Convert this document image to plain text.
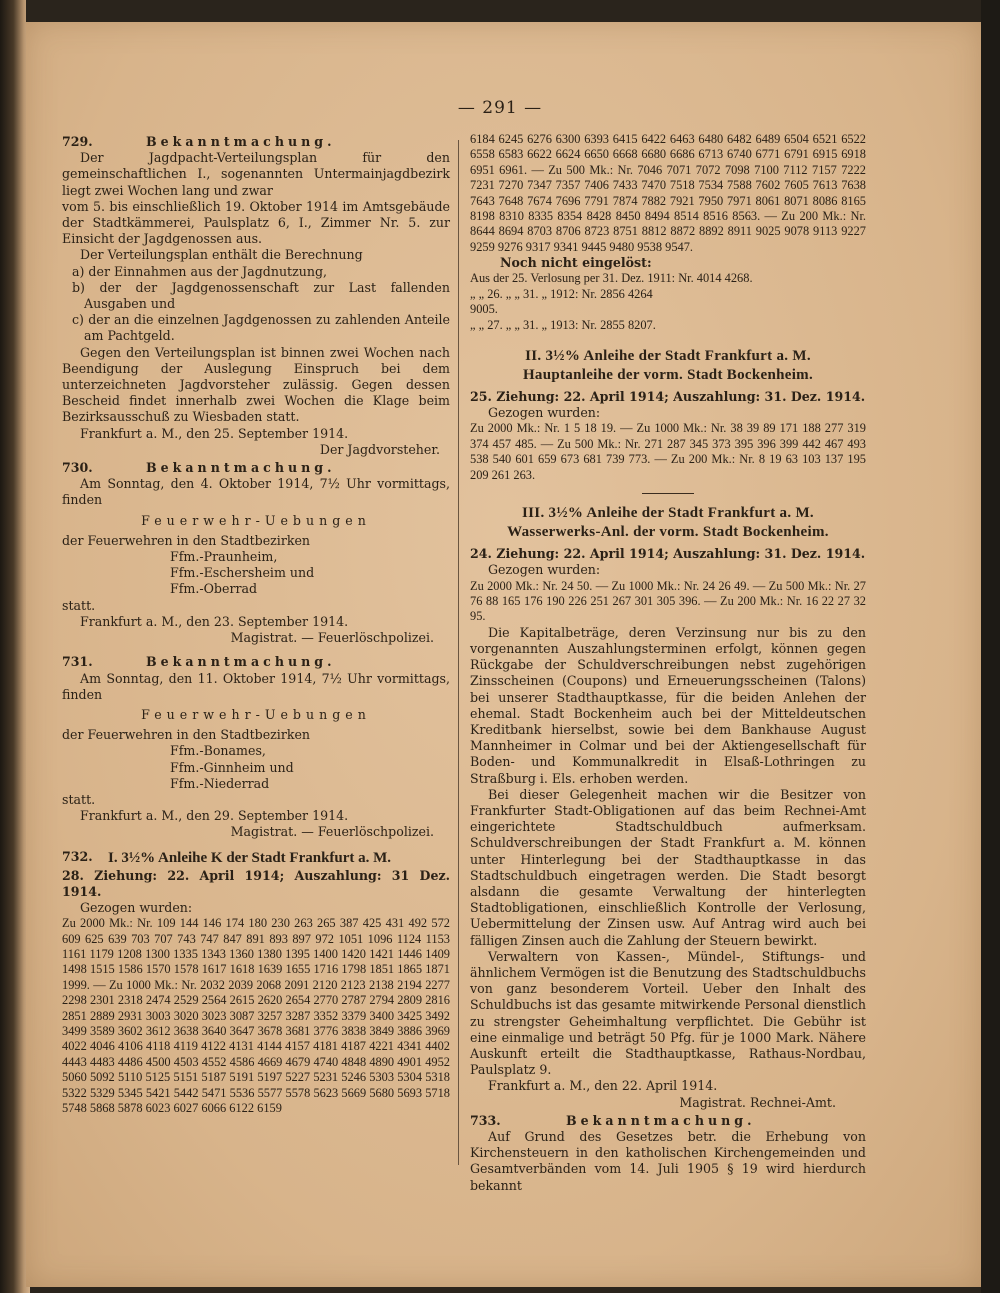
— 291 —
729.	Bekanntmachung.

Der Jagdpacht-Verteilungsplan für den gemeinschaftlichen I., sogenannten Untermainjagdbezirk liegt zwei Wochen lang und zwar

vom 5. bis einschließlich 19. Oktober 1914 im Amtsgebäude der Stadtkämmerei, Paulsplatz 6, I., Zimmer Nr. 5. zur Einsicht der Jagdgenossen aus.

Der Verteilungsplan enthält die Berechnung

a) der Einnahmen aus der Jagdnutzung,

b) der der Jagdgenossenschaft zur Last fallenden Ausgaben und

c) der an die einzelnen Jagdgenossen zu zahlenden Anteile am Pachtgeld.

Gegen den Verteilungsplan ist binnen zwei Wochen nach Beendigung der Auslegung Einspruch bei dem unterzeichneten Jagdvorsteher zulässig. Gegen dessen Bescheid findet innerhalb zwei Wochen die Klage beim Bezirksausschuß zu Wiesbaden statt.

Frankfurt a. M., den 25. September 1914.

Der Jagdvorsteher.

730.	Bekanntmachung.

Am Sonntag, den 4. Oktober 1914, 7½ Uhr vormittags, finden

Feuerwehr-Uebungen

der Feuerwehren in den Stadtbezirken

Ffm.-Praunheim,

Ffm.-Eschersheim und

Ffm.-Oberrad

statt.

Frankfurt a. M., den 23. September 1914.

Magistrat. — Feuerlöschpolizei.

731.	Bekanntmachung.

Am Sonntag, den 11. Oktober 1914, 7½ Uhr vormittags, finden

Feuerwehr-Uebungen

der Feuerwehren in den Stadtbezirken

Ffm.-Bonames,

Ffm.-Ginnheim und

Ffm.-Niederrad

statt.

Frankfurt a. M., den 29. September 1914.

Magistrat. — Feuerlöschpolizei.

732.	I. 3½% Anleihe K der Stadt Frankfurt a. M.

28. Ziehung: 22. April 1914; Auszahlung: 31 Dez. 1914.

Gezogen wurden:

Zu 2000 Mk.: Nr. 109 144 146 174 180 230 263 265 387 425 431 492 572 609 625 639 703 707 743 747 847 891 893 897 972 1051 1096 1124 1153 1161 1179 1208 1300 1335 1343 1360 1380 1395 1400 1420 1421 1446 1409 1498 1515 1586 1570 1578 1617 1618 1639 1655 1716 1798 1851 1865 1871 1999. — Zu 1000 Mk.: Nr. 2032 2039 2068 2091 2120 2123 2138 2194 2277 2298 2301 2318 2474 2529 2564 2615 2620 2654 2770 2787 2794 2809 2816 2851 2889 2931 3003 3020 3023 3087 3257 3287 3352 3379 3400 3425 3492 3499 3589 3602 3612 3638 3640 3647 3678 3681 3776 3838 3849 3886 3969 4022 4046 4106 4118 4119 4122 4131 4144 4157 4181 4187 4221 4341 4402 4443 4483 4486 4500 4503 4552 4586 4669 4679 4740 4848 4890 4901 4952 5060 5092 5110 5125 5151 5187 5191 5197 5227 5231 5246 5303 5304 5318 5322 5329 5345 5421 5442 5471 5536 5577 5578 5623 5669 5680 5693 5718 5748 5868 5878 6023 6027 6066 6122 6159

6184 6245 6276 6300 6393 6415 6422 6463 6480 6482 6489 6504 6521 6522 6558 6583 6622 6624 6650 6668 6680 6686 6713 6740 6771 6791 6915 6918 6951 6961. — Zu 500 Mk.: Nr. 7046 7071 7072 7098 7100 7112 7157 7222 7231 7270 7347 7357 7406 7433 7470 7518 7534 7588 7602 7605 7613 7638 7643 7648 7674 7696 7791 7874 7882 7921 7950 7971 8061 8071 8086 8165 8198 8310 8335 8354 8428 8450 8494 8514 8516 8563. — Zu 200 Mk.: Nr. 8644 8694 8703 8706 8723 8751 8812 8872 8892 8911 9025 9078 9113 9227 9259 9276 9317 9341 9445 9480 9538 9547.

Noch nicht eingelöst:

Aus der 25. Verlosung per 31. Dez. 1911: Nr. 4014 4268.

„ „ 26. „ „ 31. „ 1912: Nr. 2856 4264

9005.

„ „ 27. „ „ 31. „ 1913: Nr. 2855 8207.

II. 3½% Anleihe der Stadt Frankfurt a. M.

Hauptanleihe der vorm. Stadt Bockenheim.

25. Ziehung: 22. April 1914; Auszahlung: 31. Dez. 1914.

Gezogen wurden:

Zu 2000 Mk.: Nr. 1 5 18 19. — Zu 1000 Mk.: Nr. 38 39 89 171 188 277 319 374 457 485. — Zu 500 Mk.: Nr. 271 287 345 373 395 396 399 442 467 493 538 540 601 659 673 681 739 773. — Zu 200 Mk.: Nr. 8 19 63 103 137 195 209 261 263.

III. 3½% Anleihe der Stadt Frankfurt a. M.

Wasserwerks-Anl. der vorm. Stadt Bockenheim.

24. Ziehung: 22. April 1914; Auszahlung: 31. Dez. 1914.

Gezogen wurden:

Zu 2000 Mk.: Nr. 24 50. — Zu 1000 Mk.: Nr. 24 26 49. — Zu 500 Mk.: Nr. 27 76 88 165 176 190 226 251 267 301 305 396. — Zu 200 Mk.: Nr. 16 22 27 32 95.

Die Kapitalbeträge, deren Verzinsung nur bis zu den vorgenannten Auszahlungsterminen erfolgt, können gegen Rückgabe der Schuldverschreibungen nebst zugehörigen Zinsscheinen (Coupons) und Erneuerungsscheinen (Talons) bei unserer Stadthauptkasse, für die beiden Anlehen der ehemal. Stadt Bockenheim auch bei der Mitteldeutschen Kreditbank hierselbst, sowie bei dem Bankhause August Mannheimer in Colmar und bei der Aktiengesellschaft für Boden- und Kommunalkredit in Elsaß-Lothringen zu Straßburg i. Els. erhoben werden.

Bei dieser Gelegenheit machen wir die Besitzer von Frankfurter Stadt-Obligationen auf das beim Rechnei-Amt eingerichtete Stadtschuldbuch aufmerksam. Schuldverschreibungen der Stadt Frankfurt a. M. können unter Hinterlegung bei der Stadthauptkasse in das Stadtschuldbuch eingetragen werden. Die Stadt besorgt alsdann die gesamte Verwaltung der hinterlegten Stadtobligationen, einschließlich Kontrolle der Verlosung, Uebermittelung der Zinsen usw. Auf Antrag wird auch bei fälligen Zinsen auch die Zahlung der Steuern bewirkt.

Verwaltern von Kassen-, Mündel-, Stiftungs- und ähnlichem Vermögen ist die Benutzung des Stadtschuldbuchs von ganz besonderem Vorteil. Ueber den Inhalt des Schuldbuchs ist das gesamte mitwirkende Personal dienstlich zu strengster Geheimhaltung verpflichtet. Die Gebühr ist eine einmalige und beträgt 50 Pfg. für je 1000 Mark. Nähere Auskunft erteilt die Stadthauptkasse, Rathaus-Nordbau, Paulsplatz 9.

Frankfurt a. M., den 22. April 1914.

Magistrat. Rechnei-Amt.

733.	Bekanntmachung.

Auf Grund des Gesetzes betr. die Erhebung von Kirchensteuern in den katholischen Kirchengemeinden und Gesamtverbänden vom 14. Juli 1905 § 19 wird hierdurch bekannt
